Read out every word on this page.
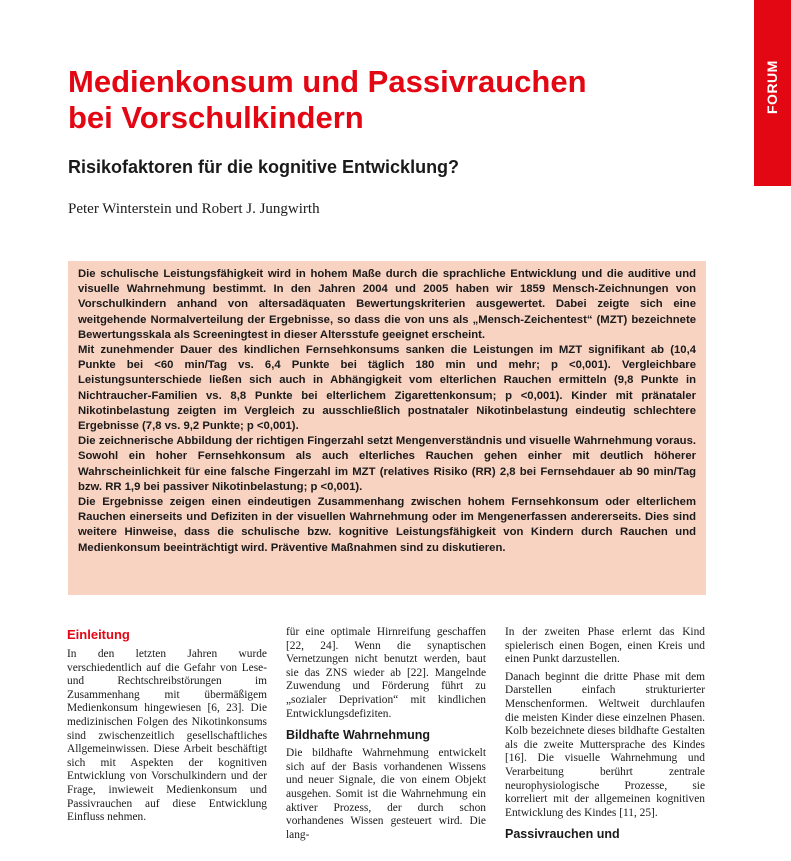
FORUM
Medienkonsum und Passivrauchen
bei Vorschulkindern
Risikofaktoren für die kognitive Entwicklung?
Peter Winterstein und Robert J. Jungwirth

Die schulische Leistungsfähigkeit wird in hohem Maße durch die sprachliche Entwicklung und die auditive und visuelle Wahrnehmung bestimmt. In den Jahren 2004 und 2005 haben wir 1859 Mensch-Zeichnungen von Vorschulkindern anhand von altersadäquaten Bewertungskriterien ausgewertet. Dabei zeigte sich eine weitgehende Normalverteilung der Ergebnisse, so dass die von uns als „Mensch-Zeichentest“ (MZT) bezeichnete Bewertungsskala als Screeningtest in dieser Altersstufe geeignet erscheint.

Mit zunehmender Dauer des kindlichen Fernsehkonsums sanken die Leistungen im MZT signifikant ab (10,4 Punkte bei <60 min/Tag vs. 6,4 Punkte bei täglich 180 min und mehr; p <0,001). Vergleichbare Leistungsunterschiede ließen sich auch in Abhängigkeit vom elterlichen Rauchen ermitteln (9,8 Punkte in Nichtraucher-Familien vs. 8,8 Punkte bei elterlichem Zigarettenkonsum; p <0,001). Kinder mit pränataler Nikotinbelastung zeigten im Vergleich zu ausschließlich postnataler Nikotinbelastung eindeutig schlechtere Ergebnisse (7,8 vs. 9,2 Punkte; p <0,001).

Die zeichnerische Abbildung der richtigen Fingerzahl setzt Mengenverständnis und visuelle Wahrnehmung voraus. Sowohl ein hoher Fernsehkonsum als auch elterliches Rauchen gehen einher mit deutlich höherer Wahrscheinlichkeit für eine falsche Fingerzahl im MZT (relatives Risiko (RR) 2,8 bei Fernsehdauer ab 90 min/Tag bzw. RR 1,9 bei passiver Nikotinbelastung; p <0,001).

Die Ergebnisse zeigen einen eindeutigen Zusammenhang zwischen hohem Fernsehkonsum oder elterlichem Rauchen einerseits und Defiziten in der visuellen Wahrnehmung oder im Mengenerfassen andererseits. Dies sind weitere Hinweise, dass die schulische bzw. kognitive Leistungsfähigkeit von Kindern durch Rauchen und Medienkonsum beeinträchtigt wird. Präventive Maßnahmen sind zu diskutieren.

Einleitung

In den letzten Jahren wurde verschiedentlich auf die Gefahr von Lese- und Rechtschreibstörungen im Zusammenhang mit übermäßigem Medienkonsum hingewiesen [6, 23]. Die medizinischen Folgen des Nikotinkonsums sind zwischenzeitlich gesellschaftliches Allgemeinwissen. Diese Arbeit beschäftigt sich mit Aspekten der kognitiven Entwicklung von Vorschulkindern und der Frage, inwieweit Medienkonsum und Passivrauchen auf diese Entwicklung Einfluss nehmen.

für eine optimale Hirnreifung geschaffen [22, 24]. Wenn die synaptischen Vernetzungen nicht benutzt werden, baut sie das ZNS wieder ab [22]. Mangelnde Zuwendung und Förderung führt zu „sozialer Deprivation“ mit kindlichen Entwicklungsdefiziten.

Bildhafte Wahrnehmung

Die bildhafte Wahrnehmung entwickelt sich auf der Basis vorhandenen Wissens und neuer Signale, die von einem Objekt ausgehen. Somit ist die Wahrnehmung ein aktiver Prozess, der durch schon vorhandenes Wissen gesteuert wird. Die lang-

In der zweiten Phase erlernt das Kind spielerisch einen Bogen, einen Kreis und einen Punkt darzustellen.

Danach beginnt die dritte Phase mit dem Darstellen einfach strukturierter Menschenformen. Weltweit durchlaufen die meisten Kinder diese einzelnen Phasen. Kolb bezeichnete dieses bildhafte Gestalten als die zweite Muttersprache des Kindes [16]. Die visuelle Wahrnehmung und Verarbeitung berührt zentrale neurophysiologische Prozesse, sie korreliert mit der allgemeinen kognitiven Entwicklung des Kindes [11, 25].

Passivrauchen und
